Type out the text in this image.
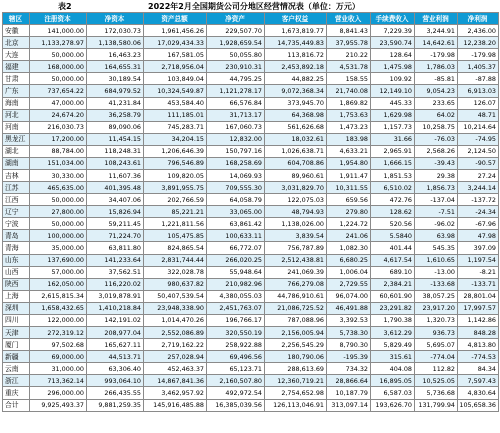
表2	2022年2月全国期货公司分地区经营情况表（单位：万元）
辖区	注册资本	净资本	资产总额	净资产	客户权益	营业收入	手续费收入	营业利润	净利润
安徽	141,000.00	172,030.73	1,961,456.26	229,507.70	1,673,819.77	8,841.43	7,229.39	3,244.91	2,436.00
北京	1,133,278.97	1,138,580.06	17,029,434.33	1,928,659.54	14,735,449.83	37,955.78	23,590.74	14,642.61	12,238.20
大连	50,000.00	16,463.23	167,581.05	50,055.80	113,816.72	210.22	128.64	-179.98	-179.98
福建	168,000.00	164,655.31	2,718,956.04	230,910.31	2,453,892.18	4,531.78	1,475.98	1,786.03	1,405.37
甘肃	50,000.00	30,189.54	103,849.04	44,795.25	44,882.25	158.55	109.92	-85.81	-87.88
广东	737,654.22	684,979.52	10,324,549.87	1,121,278.17	9,072,368.34	21,740.08	12,149.10	9,054.23	6,913.03
海南	47,000.00	41,231.84	453,584.40	66,576.84	373,945.70	1,869.82	445.33	233.65	126.07
河北	24,674.20	36,258.79	111,185.01	31,713.17	64,368.98	1,753.63	1,629.98	64.02	48.71
河南	216,030.73	89,090.06	745,283.71	167,060.73	561,626.68	1,473.23	1,157.73	10,258.75	10,214.64
黑龙江	17,200.00	11,454.15	34,204.15	12,832.00	18,032.61	183.98	31.66	-76.03	-74.95
湖北	88,784.00	118,248.31	1,206,646.39	150,797.16	1,026,638.71	4,633.21	2,965.91	2,568.26	2,124.50
湖南	151,034.00	108,243.61	796,546.89	168,258.69	604,708.86	1,954.80	1,666.15	-39.43	-90.57
吉林	30,330.00	11,607.36	109,820.05	14,069.93	89,960.61	1,911.47	1,851.53	29.38	27.24
江苏	465,635.00	401,395.48	3,891,955.75	709,555.30	3,031,829.70	10,311.55	6,510.02	1,856.73	3,244.14
江西	50,000.00	34,407.06	202,766.59	64,058.79	122,075.03	659.56	472.76	-137.04	-137.72
辽宁	27,800.00	15,826.94	85,221.21	33,065.00	48,794.93	279.80	128.62	-7.51	-24.34
宁波	50,000.00	59,211.45	1,221,811.56	63,861.42	1,138,026.00	1,224.72	520.56	-96.02	-67.96
青岛	100,000.00	71,224.70	105,475.85	100,633.11	3,839.54	241.06	5.5840	63.98	47.98
青海	35,000.00	63,811.80	824,865.54	66,772.07	756,787.89	1,082.30	401.44	545.35	397.09
山东	137,690.00	141,233.64	2,831,744.44	266,020.25	2,512,438.81	6,680.25	4,617.54	1,610.65	1,197.54
山西	57,000.00	37,562.51	322,028.78	55,948.64	241,069.39	1,006.04	689.10	-13.00	-8.21
陕西	162,050.00	116,220.02	980,637.82	210,982.96	766,279.08	2,729.55	2,384.21	-133.68	-133.71
上海	2,615,815.34	3,019,878.91	50,407,539.54	4,380,055.03	44,786,910.61	96,074.00	60,601.90	38,057.25	28,801.04
深圳	1,658,432.65	1,410,218.84	23,948,338.90	2,451,763.07	21,086,725.52	46,491.88	23,291.82	23,917.20	17,997.57
四川	122,000.00	142,191.02	1,014,470.26	196,766.17	787,088.96	3,392.53	1,790.38	1,320.73	1,142.86
天津	272,319.12	208,977.04	2,552,086.89	320,550.19	2,156,005.94	5,738.30	3,612.29	936.73	848.28
厦门	97,502.68	165,627.11	2,719,162.22	258,922.88	2,256,545.29	8,790.30	5,829.49	5,695.07	4,813.80
新疆	69,000.00	44,513.71	257,028.94	69,496.56	180,790.06	-195.39	315.61	-774.04	-774.53
云南	31,000.00	63,306.40	452,463.37	65,123.71	288,613.69	734.32	404.08	112.82	84.34
浙江	713,362.14	993,064.10	14,867,841.36	2,160,507.80	12,360,719.21	28,866.64	16,895.05	10,525.05	7,597.43
重庆	296,000.00	266,435.55	3,462,957.92	492,972.54	2,754,652.98	10,187.79	6,587.03	5,736.68	4,830.64
合计	9,925,493.37	9,881,259.35	145,916,485.88	16,385,039.56	126,113,046.91	313,097.14	193,626.70	131,799.94	105,658.36
